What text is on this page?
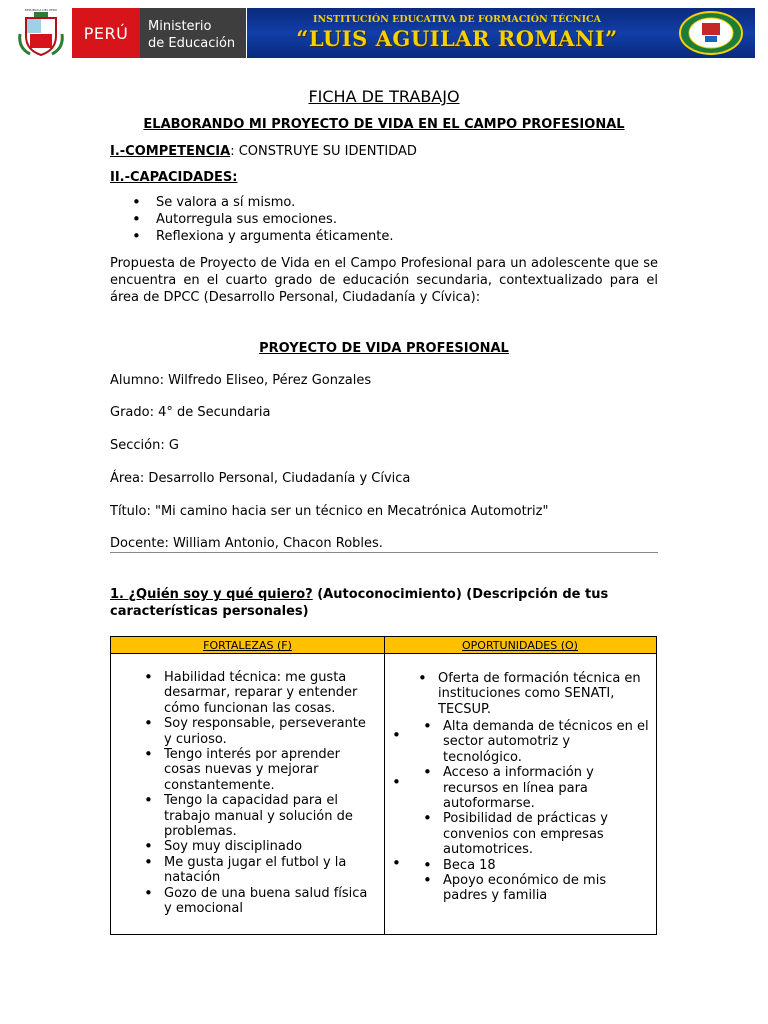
REPÚBLICA DEL PERÚ
PERÚ	Ministerio
de Educación
INSTITUCIÓN EDUCATIVA DE FORMACIÓN TÉCNICA
“LUIS AGUILAR ROMANI”
FICHA DE TRABAJO
ELABORANDO MI PROYECTO DE VIDA EN EL CAMPO PROFESIONAL
I.-COMPETENCIA: CONSTRUYE SU IDENTIDAD
II.-CAPACIDADES:
• Se valora a sí mismo.
• Autorregula sus emociones.
• Reflexiona y argumenta éticamente.
Propuesta de Proyecto de Vida en el Campo Profesional para un adolescente que se encuentra en el cuarto grado de educación secundaria, contextualizado para el área de DPCC (Desarrollo Personal, Ciudadanía y Cívica):
PROYECTO DE VIDA PROFESIONAL
Alumno: Wilfredo Eliseo, Pérez Gonzales
Grado: 4° de Secundaria
Sección: G
Área: Desarrollo Personal, Ciudadanía y Cívica
Título: "Mi camino hacia ser un técnico en Mecatrónica Automotriz"
Docente: William Antonio, Chacon Robles.
1. ¿Quién soy y qué quiero? (Autoconocimiento) (Descripción de tus características personales)
FORTALEZAS (F)	OPORTUNIDADES (O)
• Habilidad técnica: me gusta desarmar, reparar y entender cómo funcionan las cosas.
• Soy responsable, perseverante y curioso.
• Tengo interés por aprender cosas nuevas y mejorar constantemente.
• Tengo la capacidad para el trabajo manual y solución de problemas.
• Soy muy disciplinado
• Me gusta jugar el futbol y la natación
• Gozo de una buena salud física y emocional
• Oferta de formación técnica en instituciones como SENATI, TECSUP.
•
•
•
• Alta demanda de técnicos en el sector automotriz y tecnológico.
• Acceso a información y recursos en línea para autoformarse.
• Posibilidad de prácticas y convenios con empresas automotrices.
• Beca 18
• Apoyo económico de mis padres y familia
